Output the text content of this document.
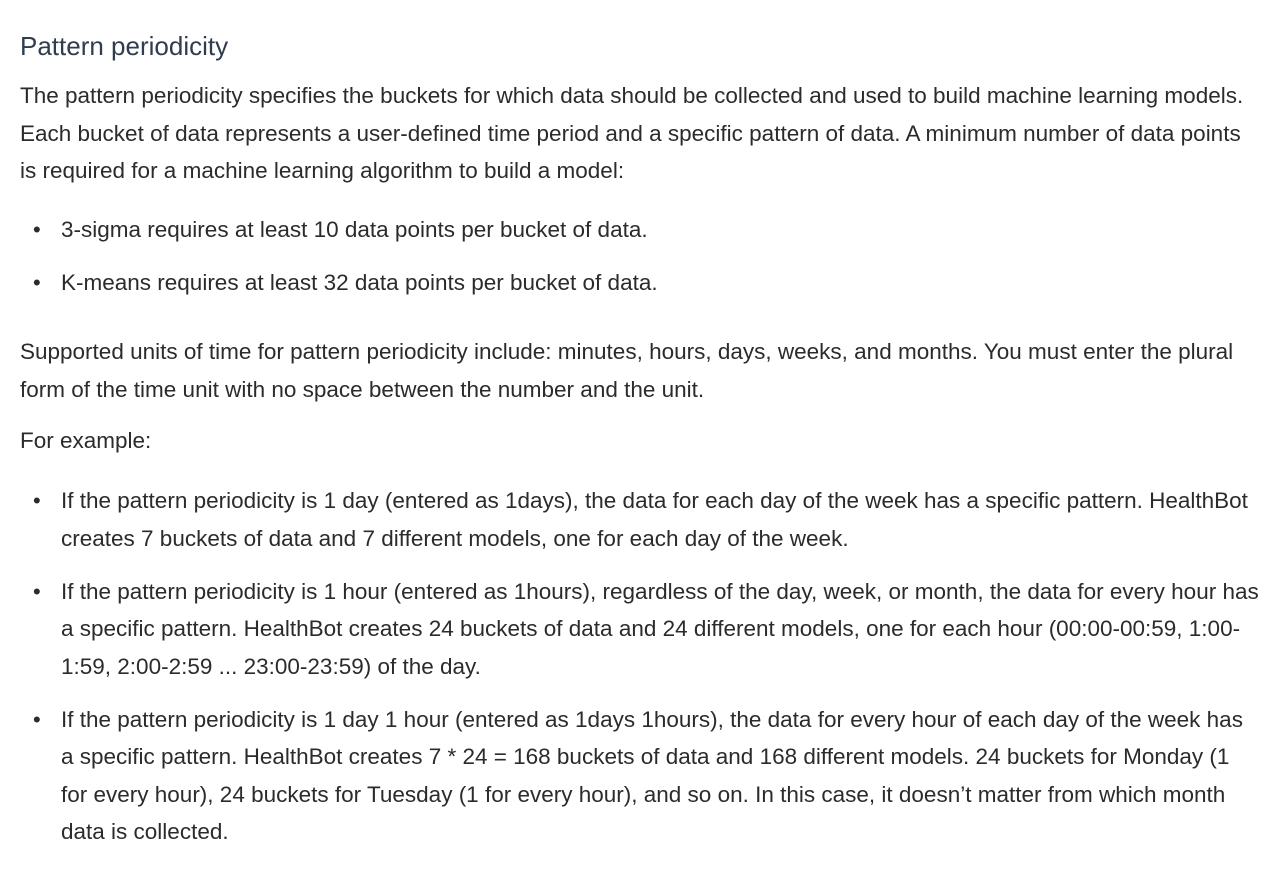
Pattern periodicity

The pattern periodicity specifies the buckets for which data should be collected and used to build machine learning models. Each bucket of data represents a user-defined time period and a specific pattern of data. A minimum number of data points is required for a machine learning algorithm to build a model:

• 3-sigma requires at least 10 data points per bucket of data.
• K-means requires at least 32 data points per bucket of data.

Supported units of time for pattern periodicity include: minutes, hours, days, weeks, and months. You must enter the plural form of the time unit with no space between the number and the unit.

For example:

• If the pattern periodicity is 1 day (entered as 1days), the data for each day of the week has a specific pattern. HealthBot creates 7 buckets of data and 7 different models, one for each day of the week.
• If the pattern periodicity is 1 hour (entered as 1hours), regardless of the day, week, or month, the data for every hour has a specific pattern. HealthBot creates 24 buckets of data and 24 different models, one for each hour (00:00-00:59, 1:00-1:59, 2:00-2:59 ... 23:00-23:59) of the day.
• If the pattern periodicity is 1 day 1 hour (entered as 1days 1hours), the data for every hour of each day of the week has a specific pattern. HealthBot creates 7 * 24 = 168 buckets of data and 168 different models. 24 buckets for Monday (1 for every hour), 24 buckets for Tuesday (1 for every hour), and so on. In this case, it doesn’t matter from which month data is collected.
